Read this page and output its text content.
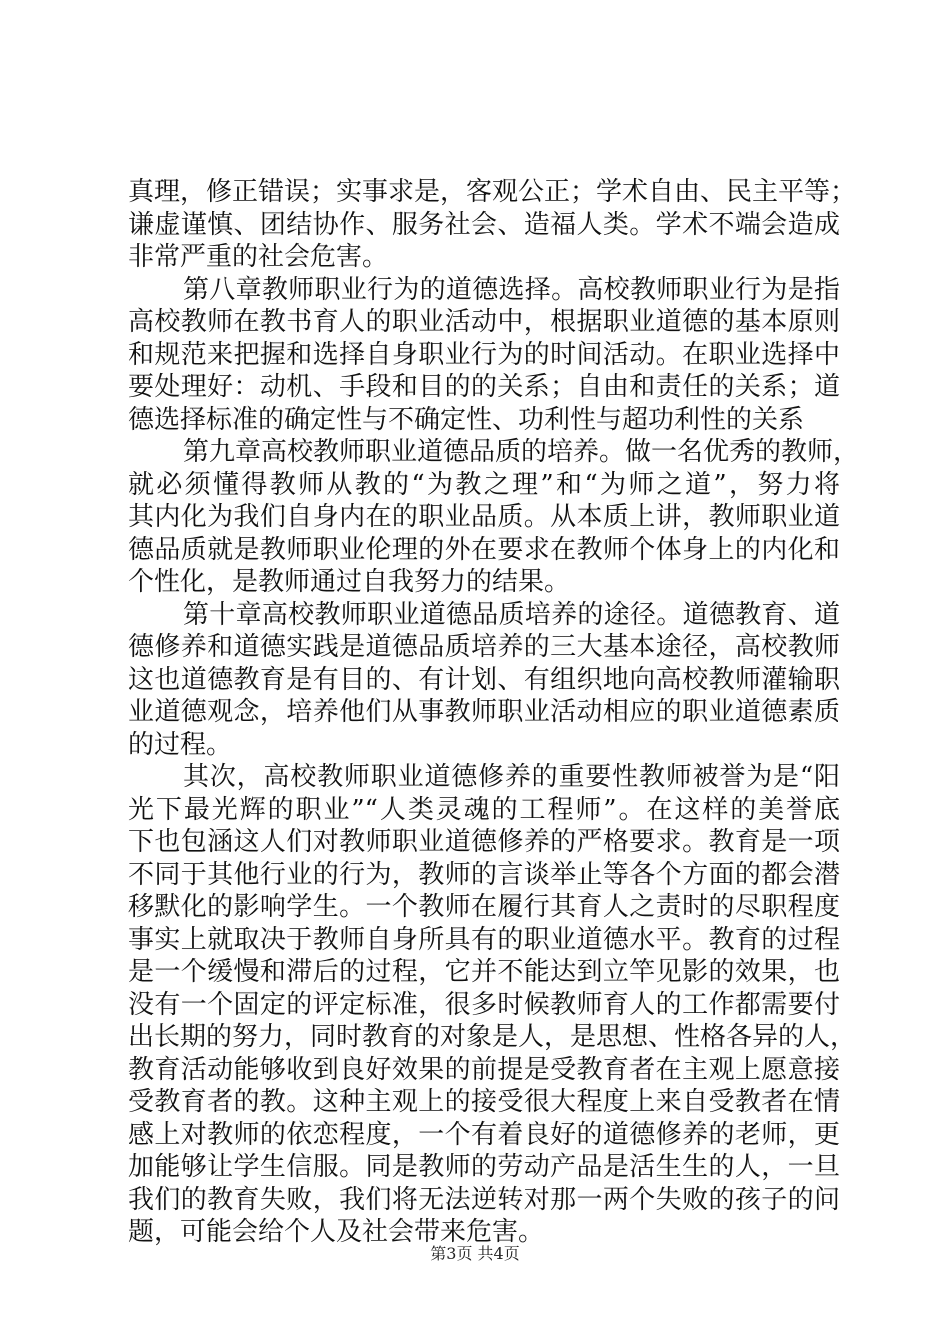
真理，修正错误；实事求是，客观公正；学术自由、民主平等；
谦虚谨慎、团结协作、服务社会、造福人类。学术不端会造成
非常严重的社会危害。
第八章教师职业行为的道德选择。高校教师职业行为是指
高校教师在教书育人的职业活动中，根据职业道德的基本原则
和规范来把握和选择自身职业行为的时间活动。在职业选择中
要处理好：动机、手段和目的的关系；自由和责任的关系；道
德选择标准的确定性与不确定性、功利性与超功利性的关系
第九章高校教师职业道德品质的培养。做一名优秀的教师，
就必须懂得教师从教的“为教之理”和“为师之道”，努力将
其内化为我们自身内在的职业品质。从本质上讲，教师职业道
德品质就是教师职业伦理的外在要求在教师个体身上的内化和
个性化，是教师通过自我努力的结果。
第十章高校教师职业道德品质培养的途径。道德教育、道
德修养和道德实践是道德品质培养的三大基本途径，高校教师
这也道德教育是有目的、有计划、有组织地向高校教师灌输职
业道德观念，培养他们从事教师职业活动相应的职业道德素质
的过程。
其次，高校教师职业道德修养的重要性教师被誉为是“阳
光下最光辉的职业”“人类灵魂的工程师”。在这样的美誉底
下也包涵这人们对教师职业道德修养的严格要求。教育是一项
不同于其他行业的行为，教师的言谈举止等各个方面的都会潜
移默化的影响学生。一个教师在履行其育人之责时的尽职程度
事实上就取决于教师自身所具有的职业道德水平。教育的过程
是一个缓慢和滞后的过程，它并不能达到立竿见影的效果，也
没有一个固定的评定标准，很多时候教师育人的工作都需要付
出长期的努力，同时教育的对象是人，是思想、性格各异的人，
教育活动能够收到良好效果的前提是受教育者在主观上愿意接
受教育者的教。这种主观上的接受很大程度上来自受教者在情
感上对教师的依恋程度，一个有着良好的道德修养的老师，更
加能够让学生信服。同是教师的劳动产品是活生生的人，一旦
我们的教育失败，我们将无法逆转对那一两个失败的孩子的问
题，可能会给个人及社会带来危害。
第3页 共4页
